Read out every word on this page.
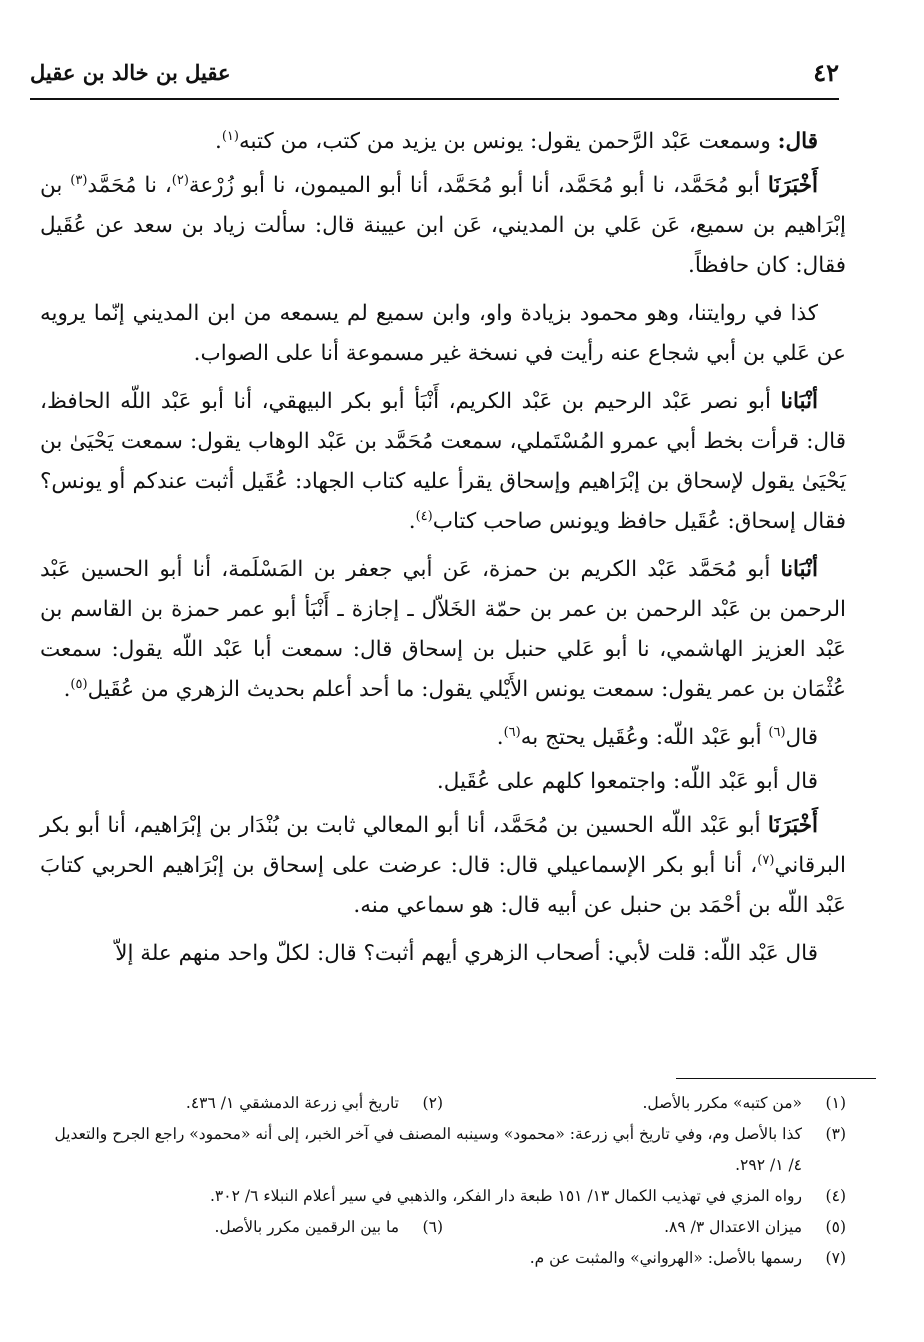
٤٢
عقيل بن خالد بن عقيل

قال: وسمعت عَبْد الرَّحمن يقول: يونس بن يزيد من كتب، من كتبه$^{(١)}$.

أَخْبَرَنَا أبو مُحَمَّد، نا أبو مُحَمَّد، أنا أبو مُحَمَّد، أنا أبو الميمون، نا أبو زُرْعة$^{(٢)}$، نا مُحَمَّد$^{(٣)}$ بن إبْرَاهيم بن سميع، عَن عَلي بن المديني، عَن ابن عيينة قال: سألت زياد بن سعد عن عُقَيل فقال: كان حافظاً.

كذا في روايتنا، وهو محمود بزيادة واو، وابن سميع لم يسمعه من ابن المديني إنّما يرويه عن عَلي بن أبي شجاع عنه رأيت في نسخة غير مسموعة أنا على الصواب.

أنْبَانا أبو نصر عَبْد الرحيم بن عَبْد الكريم، أَنْبَأ أبو بكر البيهقي، أنا أبو عَبْد اللّه الحافظ، قال: قرأت بخط أبي عمرو المُسْتَملي، سمعت مُحَمَّد بن عَبْد الوهاب يقول: سمعت يَحْيَىٰ بن يَحْيَىٰ يقول لإسحاق بن إبْرَاهيم وإسحاق يقرأ عليه كتاب الجهاد: عُقَيل أثبت عندكم أو يونس؟ فقال إسحاق: عُقَيل حافظ ويونس صاحب كتاب$^{(٤)}$.

أنْبَانا أبو مُحَمَّد عَبْد الكريم بن حمزة، عَن أبي جعفر بن المَسْلَمة، أنا أبو الحسين عَبْد الرحمن بن عَبْد الرحمن بن عمر بن حمّة الخَلاّل ـ إجازة ـ أَنْبَأ أبو عمر حمزة بن القاسم بن عَبْد العزيز الهاشمي، نا أبو عَلي حنبل بن إسحاق قال: سمعت أبا عَبْد اللّه يقول: سمعت عُثْمَان بن عمر يقول: سمعت يونس الأَيْلي يقول: ما أحد أعلم بحديث الزهري من عُقَيل$^{(٥)}$.

قال$^{(٦)}$ أبو عَبْد اللّه: وعُقَيل يحتج به$^{(٦)}$.

قال أبو عَبْد اللّه: واجتمعوا كلهم على عُقَيل.

أَخْبَرَنَا أبو عَبْد اللّه الحسين بن مُحَمَّد، أنا أبو المعالي ثابت بن بُنْدَار بن إبْرَاهيم، أنا أبو بكر البرقاني$^{(٧)}$، أنا أبو بكر الإسماعيلي قال: قال: عرضت على إسحاق بن إبْرَاهيم الحربي كتابَ عَبْد اللّه بن أحْمَد بن حنبل عن أبيه قال: هو سماعي منه.

قال عَبْد اللّه: قلت لأبي: أصحاب الزهري أيهم أثبت؟ قال: لكلّ واحد منهم علة إلاّ

(١)
«من كتبه» مكرر بالأصل.
(٢)
تاريخ أبي زرعة الدمشقي ١/ ٤٣٦.
(٣)
كذا بالأصل وم، وفي تاريخ أبي زرعة: «محمود» وسينبه المصنف في آخر الخبر، إلى أنه «محمود» راجع الجرح والتعديل ٤/ ١/ ٢٩٢.
(٤)
رواه المزي في تهذيب الكمال ١٣/ ١٥١ طبعة دار الفكر، والذهبي في سير أعلام النبلاء ٦/ ٣٠٢.
(٥)
ميزان الاعتدال ٣/ ٨٩.
(٦)
ما بين الرقمين مكرر بالأصل.
(٧)
رسمها بالأصل: «الهرواني» والمثبت عن م.
